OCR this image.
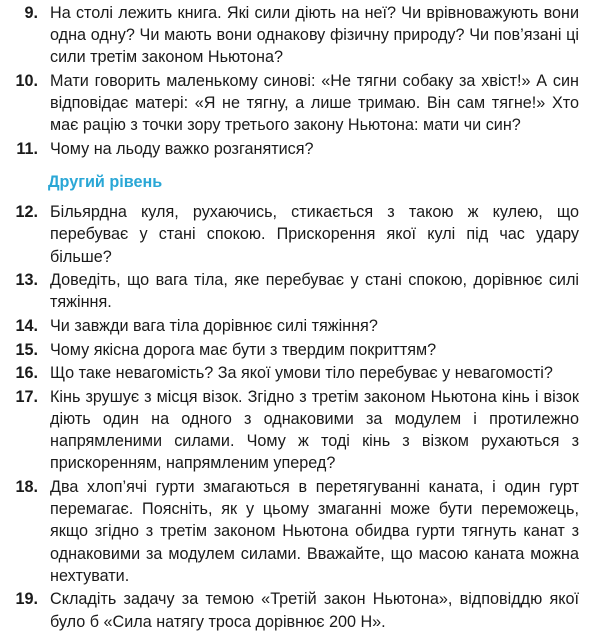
9. На столі лежить книга. Які сили діють на неї? Чи врівноважують вони одна одну? Чи мають вони однакову фізичну природу? Чи пов’язані ці сили третім законом Ньютона?
10. Мати говорить маленькому синові: «Не тягни собаку за хвіст!» А син відповідає матері: «Я не тягну, а лише тримаю. Він сам тягне!» Хто має рацію з точки зору третього закону Ньютона: мати чи син?
11. Чому на льоду важко розганятися?
Другий рівень
12. Більярдна куля, рухаючись, стикається з такою ж кулею, що перебуває у стані спокою. Прискорення якої кулі під час удару більше?
13. Доведіть, що вага тіла, яке перебуває у стані спокою, дорівнює силі тяжіння.
14. Чи завжди вага тіла дорівнює силі тяжіння?
15. Чому якісна дорога має бути з твердим покриттям?
16. Що таке невагомість? За якої умови тіло перебуває у невагомості?
17. Кінь зрушує з місця візок. Згідно з третім законом Ньютона кінь і візок діють один на одного з однаковими за модулем і протилежно напрямленими силами. Чому ж тоді кінь з візком рухаються з прискоренням, напрямленим уперед?
18. Два хлоп’ячі гурти змагаються в перетягуванні каната, і один гурт перемагає. Поясніть, як у цьому змаганні може бути переможець, якщо згідно з третім законом Ньютона обидва гурти тягнуть канат з однаковими за модулем силами. Вважайте, що масою каната можна нехтувати.
19. Складіть задачу за темою «Третій закон Ньютона», відповіддю якої було б «Сила натягу троса дорівнює 200 Н».
